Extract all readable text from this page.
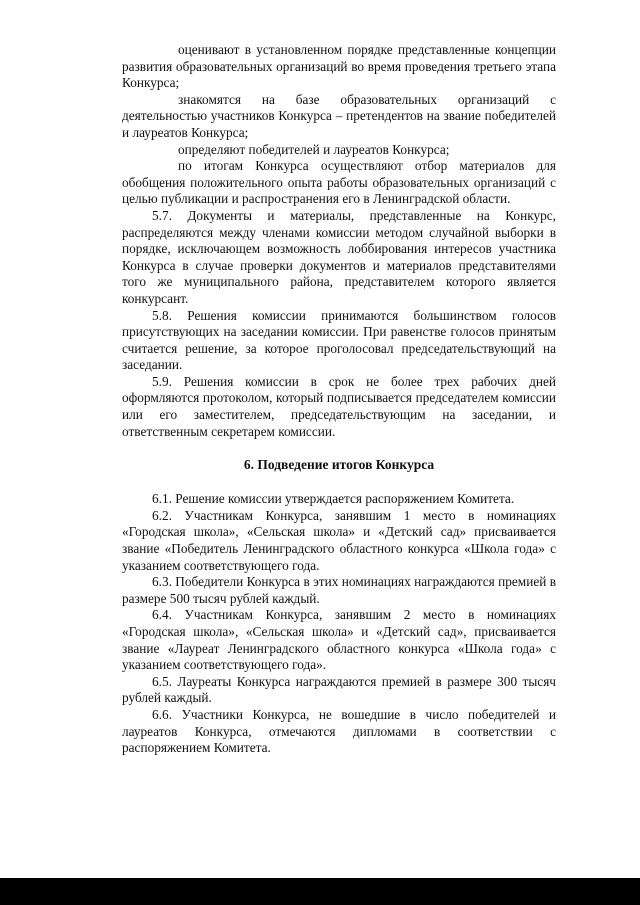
оценивают в установленном порядке представленные концепции развития образовательных организаций во время проведения третьего этапа Конкурса;

знакомятся на базе образовательных организаций с деятельностью участников Конкурса – претендентов на звание победителей и лауреатов Конкурса;

определяют победителей и лауреатов Конкурса;

по итогам Конкурса осуществляют отбор материалов для обобщения положительного опыта работы образовательных организаций с целью публикации и распространения его в Ленинградской области.

5.7. Документы и материалы, представленные на Конкурс, распределяются между членами комиссии методом случайной выборки в порядке, исключающем возможность лоббирования интересов участника Конкурса в случае проверки документов и материалов представителями того же муниципального района, представителем которого является конкурсант.

5.8. Решения комиссии принимаются большинством голосов присутствующих на заседании комиссии. При равенстве голосов принятым считается решение, за которое проголосовал председательствующий на заседании.

5.9. Решения комиссии в срок не более трех рабочих дней оформляются протоколом, который подписывается председателем комиссии или его заместителем, председательствующим на заседании, и ответственным секретарем комиссии.

6. Подведение итогов Конкурса

6.1. Решение комиссии утверждается распоряжением Комитета.

6.2. Участникам Конкурса, занявшим 1 место в номинациях «Городская школа», «Сельская школа» и «Детский сад» присваивается звание «Победитель Ленинградского областного конкурса «Школа года» с указанием соответствующего года.

6.3. Победители Конкурса в этих номинациях награждаются премией в размере 500 тысяч рублей каждый.

6.4. Участникам Конкурса, занявшим 2 место в номинациях «Городская школа», «Сельская школа» и «Детский сад», присваивается звание «Лауреат Ленинградского областного конкурса «Школа года» с указанием соответствующего года».

6.5. Лауреаты Конкурса награждаются премией в размере 300 тысяч рублей каждый.

6.6. Участники Конкурса, не вошедшие в число победителей и лауреатов Конкурса, отмечаются дипломами в соответствии с распоряжением Комитета.
